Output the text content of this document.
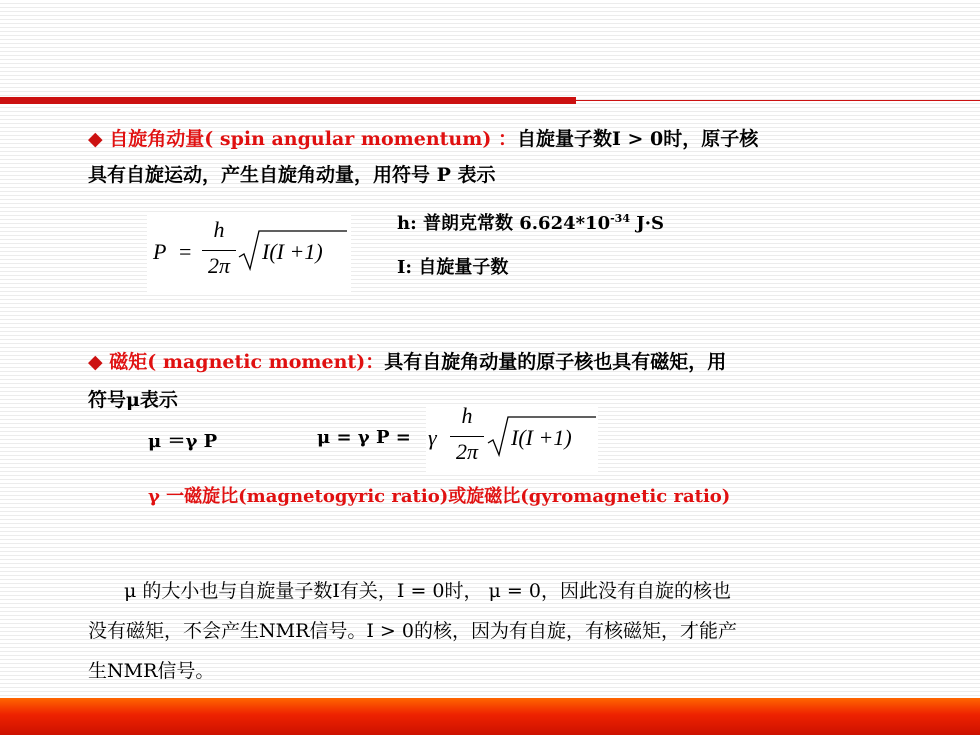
◆ 自旋角动量( spin angular momentum) ：自旋量子数I > 0时，原子核
具有自旋运动，产生自旋角动量，用符号 P 表示
P =
h
2π
I(I +1)
h: 普朗克常数 $6.624*10^{-34}$ J·S
I: 自旋量子数
◆ 磁矩( magnetic moment)：具有自旋角动量的原子核也具有磁矩，用
符号μ表示
μ ＝γ P	μ = γ P = γ
h
2π
I(I +1)
γ 一磁旋比(magnetogyric ratio)或旋磁比(gyromagnetic ratio)
μ 的大小也与自旋量子数I有关，I = 0时， μ = 0，因此没有自旋的核也
没有磁矩，不会产生NMR信号。I > 0的核，因为有自旋，有核磁矩，才能产
生NMR信号。
